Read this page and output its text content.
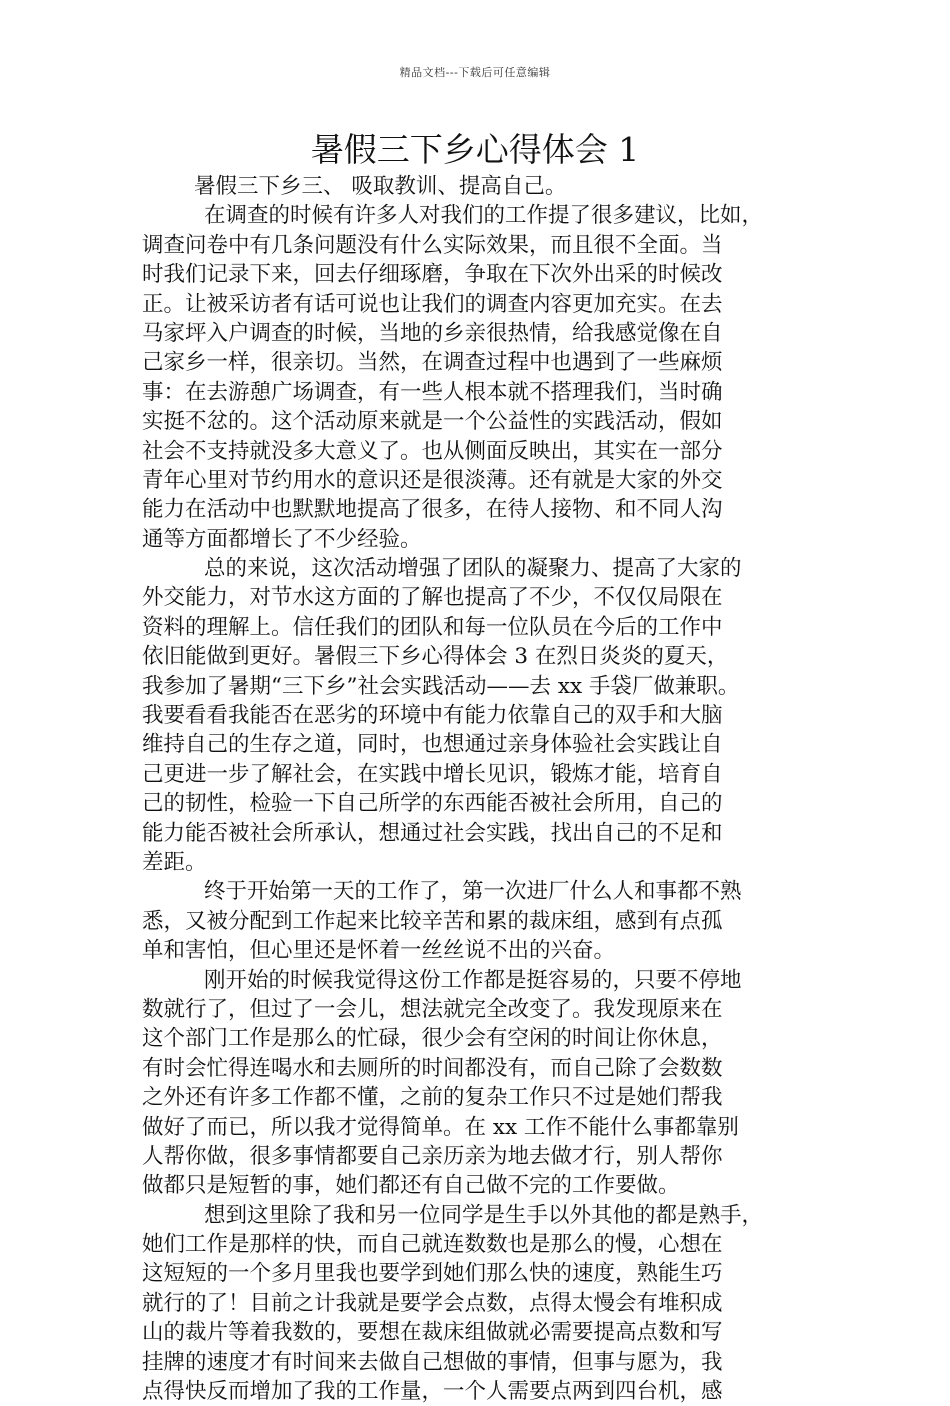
精品文档---下载后可任意编辑
暑假三下乡心得体会 1
暑假三下乡三、 吸取教训、提高自己。
在调查的时候有许多人对我们的工作提了很多建议，比如，
调查问卷中有几条问题没有什么实际效果，而且很不全面。当
时我们记录下来，回去仔细琢磨，争取在下次外出采的时候改
正。让被采访者有话可说也让我们的调查内容更加充实。在去
马家坪入户调查的时候，当地的乡亲很热情，给我感觉像在自
己家乡一样，很亲切。当然，在调查过程中也遇到了一些麻烦
事：在去游憩广场调查，有一些人根本就不搭理我们，当时确
实挺不忿的。这个活动原来就是一个公益性的实践活动，假如
社会不支持就没多大意义了。也从侧面反映出，其实在一部分
青年心里对节约用水的意识还是很淡薄。还有就是大家的外交
能力在活动中也默默地提高了很多，在待人接物、和不同人沟
通等方面都增长了不少经验。
总的来说，这次活动增强了团队的凝聚力、提高了大家的
外交能力，对节水这方面的了解也提高了不少，不仅仅局限在
资料的理解上。信任我们的团队和每一位队员在今后的工作中
依旧能做到更好。暑假三下乡心得体会 3 在烈日炎炎的夏天，
我参加了暑期“三下乡”社会实践活动——去 xx 手袋厂做兼职。
我要看看我能否在恶劣的环境中有能力依靠自己的双手和大脑
维持自己的生存之道，同时，也想通过亲身体验社会实践让自
己更进一步了解社会，在实践中增长见识，锻炼才能，培育自
己的韧性，检验一下自己所学的东西能否被社会所用，自己的
能力能否被社会所承认，想通过社会实践，找出自己的不足和
差距。
终于开始第一天的工作了，第一次进厂什么人和事都不熟
悉，又被分配到工作起来比较辛苦和累的裁床组，感到有点孤
单和害怕，但心里还是怀着一丝丝说不出的兴奋。
刚开始的时候我觉得这份工作都是挺容易的，只要不停地
数就行了，但过了一会儿，想法就完全改变了。我发现原来在
这个部门工作是那么的忙碌，很少会有空闲的时间让你休息，
有时会忙得连喝水和去厕所的时间都没有，而自己除了会数数
之外还有许多工作都不懂，之前的复杂工作只不过是她们帮我
做好了而已，所以我才觉得简单。在 xx 工作不能什么事都靠别
人帮你做，很多事情都要自己亲历亲为地去做才行，别人帮你
做都只是短暂的事，她们都还有自己做不完的工作要做。
想到这里除了我和另一位同学是生手以外其他的都是熟手，
她们工作是那样的快，而自己就连数数也是那么的慢，心想在
这短短的一个多月里我也要学到她们那么快的速度，熟能生巧
就行的了！目前之计我就是要学会点数，点得太慢会有堆积成
山的裁片等着我数的，要想在裁床组做就必需要提高点数和写
挂牌的速度才有时间来去做自己想做的事情，但事与愿为，我
点得快反而增加了我的工作量，一个人需要点两到四台机，感
